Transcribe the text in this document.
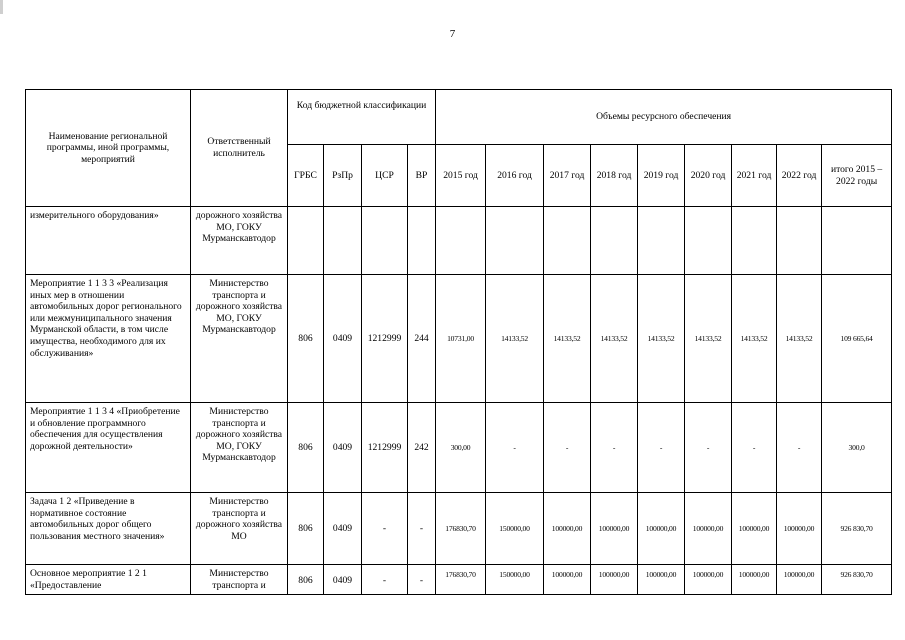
7
Наименование региональной программы, иной программы, мероприятий	Ответственный исполнитель	Код бюджетной классификации				Объемы ресурсного обеспечения								
		ГРБС	РзПр	ЦСР	ВР	2015 год	2016 год	2017 год	2018 год	2019 год	2020 год	2021 год	2022 год	итого 2015 – 2022 годы
измерительного оборудования»	дорожного хозяйства МО, ГОКУ Мурманскавтодор													
Мероприятие 1 1 3 3 «Реализация иных мер в отношении автомобильных дорог регионального или межмуниципального значения Мурманской области, в том числе имущества, необходимого для их обслуживания»	Министерство транспорта и дорожного хозяйства МО, ГОКУ Мурманскавтодор	806	0409	1212999	244	10731,00	14133,52	14133,52	14133,52	14133,52	14133,52	14133,52	14133,52	109 665,64
Мероприятие 1 1 3 4 «Приобретение и обновление программного обеспечения для осуществления дорожной деятельности»	Министерство транспорта и дорожного хозяйства МО, ГОКУ Мурманскавтодор	806	0409	1212999	242	300,00	-	-	-	-	-	-	-	300,0
Задача 1 2 «Приведение в нормативное состояние автомобильных дорог общего пользования местного значения»	Министерство транспорта и дорожного хозяйства МО	806	0409	-	-	176830,70	150000,00	100000,00	100000,00	100000,00	100000,00	100000,00	100000,00	926 830,70
Основное мероприятие 1 2 1 «Предоставление	Министерство транспорта и	806	0409	-	-	176830,70	150000,00	100000,00	100000,00	100000,00	100000,00	100000,00	100000,00	926 830,70
